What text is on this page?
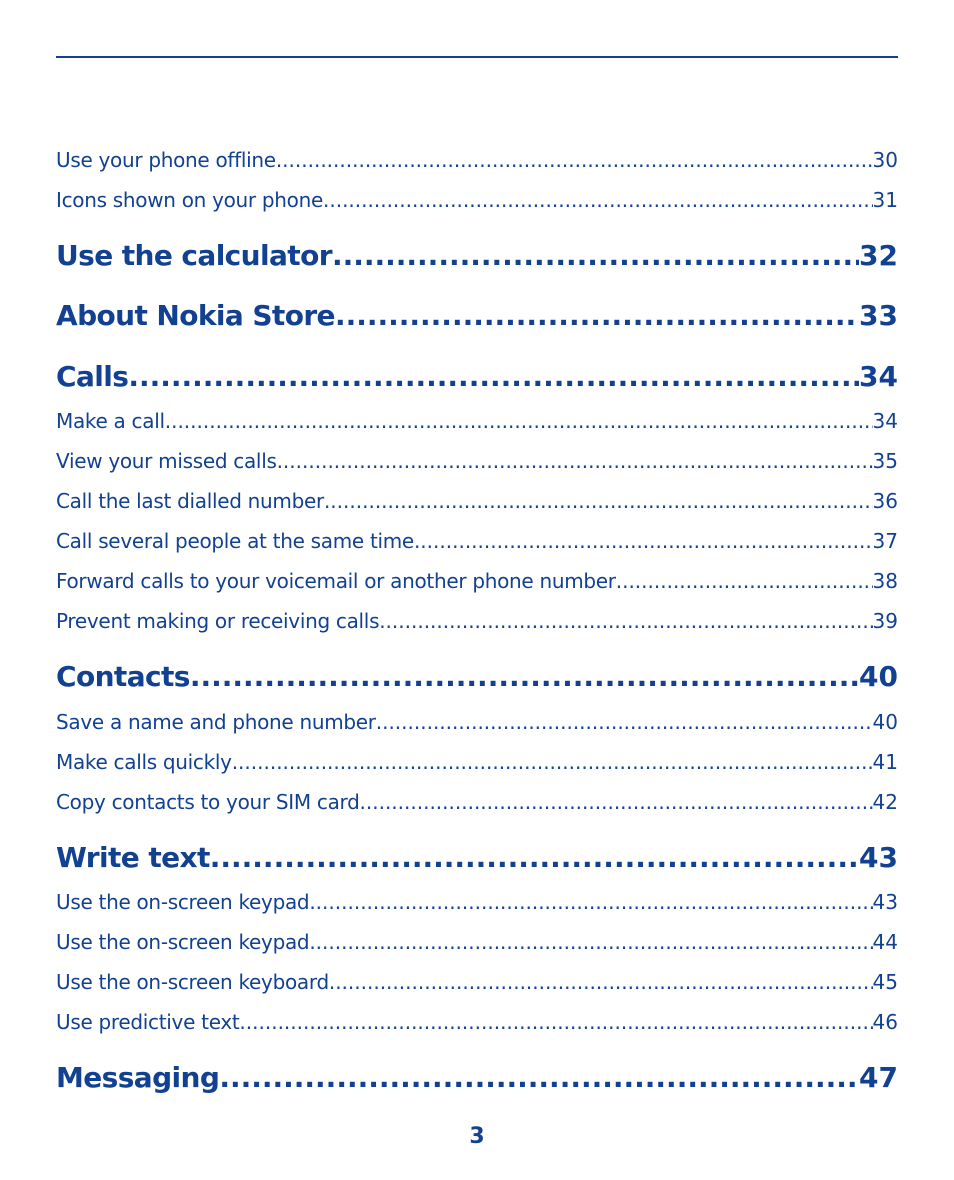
Use your phone offline .....	30
Icons shown on your phone .....	31
Use the calculator .....	32
About Nokia Store .....	33
Calls .....	34
Make a call .....	34
View your missed calls .....	35
Call the last dialled number .....	36
Call several people at the same time .....	37
Forward calls to your voicemail or another phone number .....	38
Prevent making or receiving calls .....	39
Contacts .....	40
Save a name and phone number .....	40
Make calls quickly .....	41
Copy contacts to your SIM card .....	42
Write text .....	43
Use the on-screen keypad .....	43
Use the on-screen keypad .....	44
Use the on-screen keyboard .....	45
Use predictive text .....	46
Messaging .....	47
3
